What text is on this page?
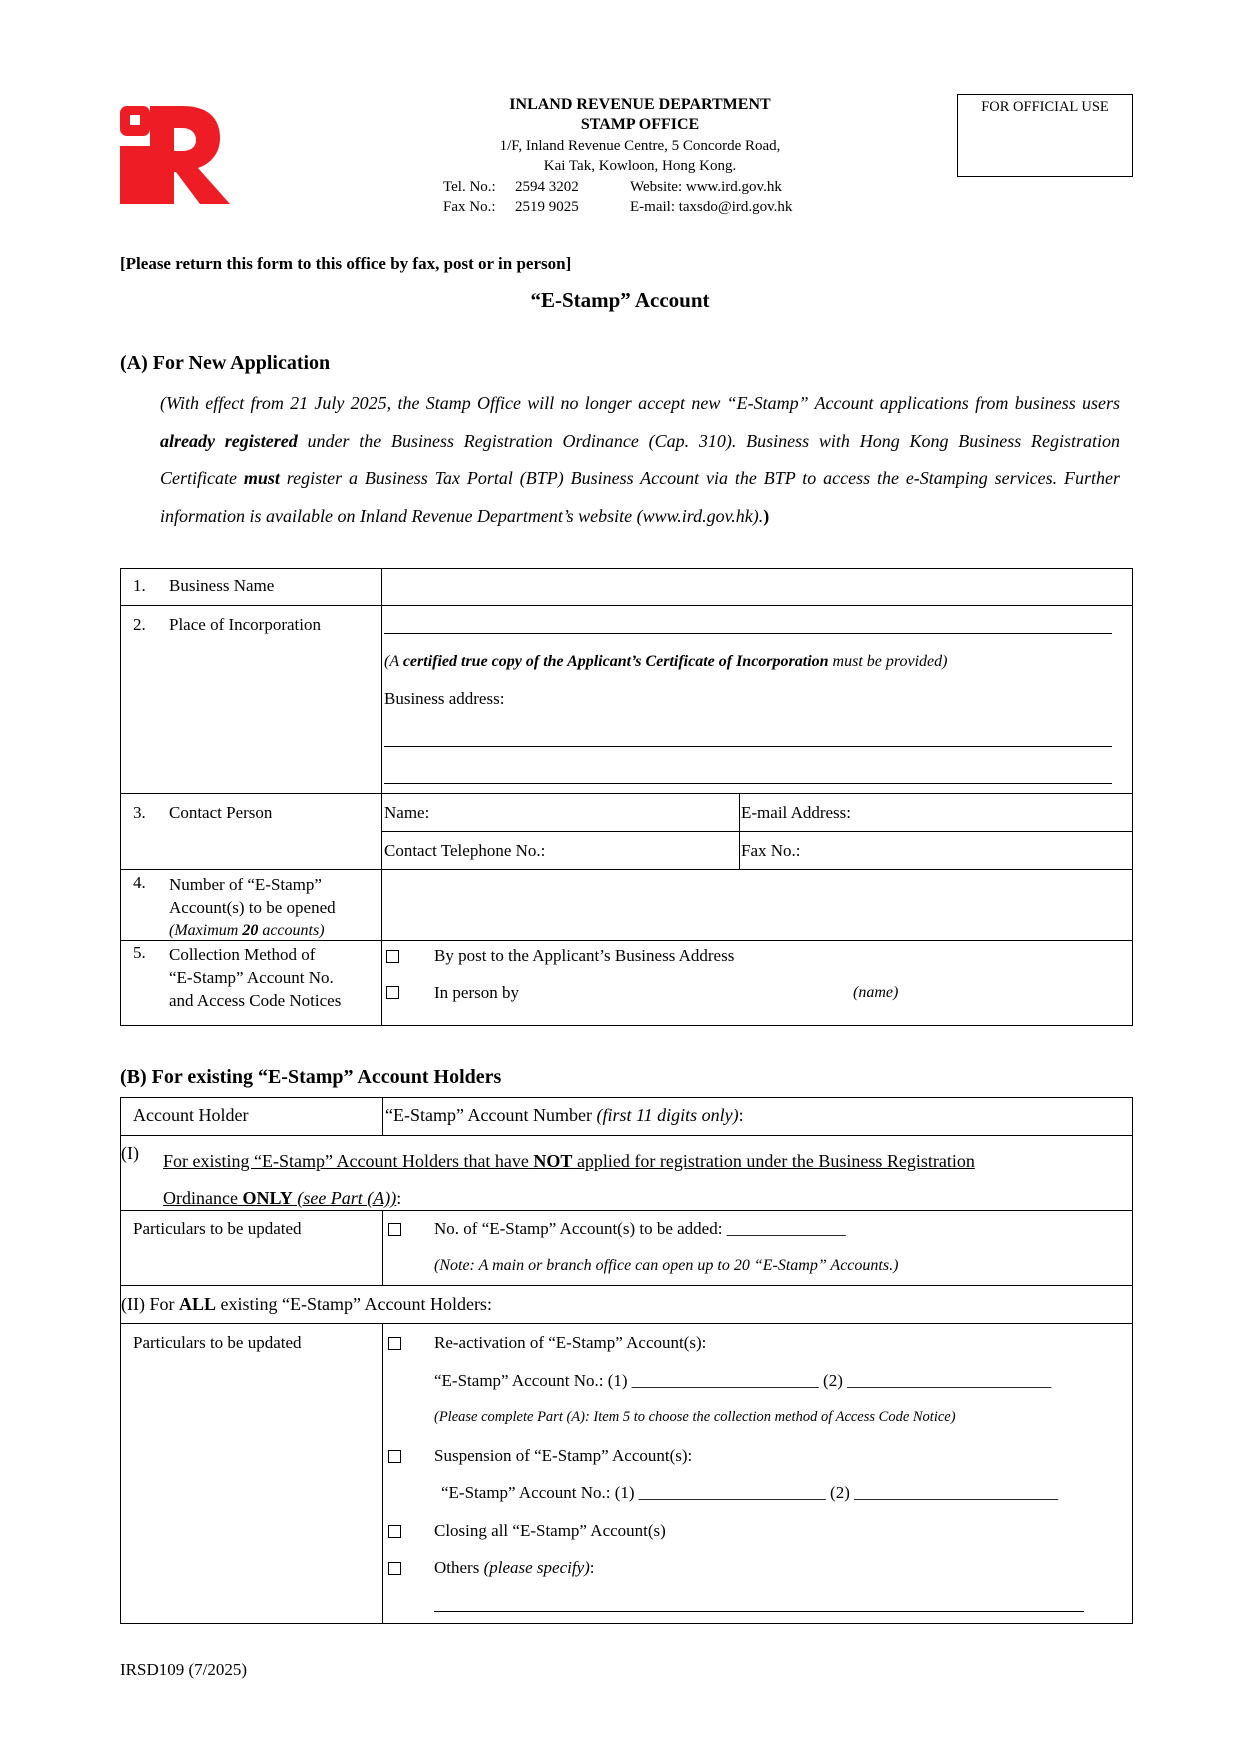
INLAND REVENUE DEPARTMENT
STAMP OFFICE
1/F, Inland Revenue Centre, 5 Concorde Road,
Kai Tak, Kowloon, Hong Kong.
Tel. No.: 2594 3202	Website: www.ird.gov.hk
Fax No.: 2519 9025	E-mail: taxsdo@ird.gov.hk
FOR OFFICIAL USE
[Please return this form to this office by fax, post or in person]
“E-Stamp” Account
(A) For New Application
(With effect from 21 July 2025, the Stamp Office will no longer accept new “E-Stamp” Account applications from business users already registered under the Business Registration Ordinance (Cap. 310). Business with Hong Kong Business Registration Certificate must register a Business Tax Portal (BTP) Business Account via the BTP to access the e-Stamping services. Further information is available on Inland Revenue Department’s website (www.ird.gov.hk).)
1. Business Name
2. Place of Incorporation
(A certified true copy of the Applicant’s Certificate of Incorporation must be provided)
Business address:
3. Contact Person	Name:	E-mail Address:
Contact Telephone No.:	Fax No.:
4. Number of “E-Stamp”
Account(s) to be opened
(Maximum 20 accounts)
5. Collection Method of
“E-Stamp” Account No.
and Access Code Notices
By post to the Applicant’s Business Address
In person by	(name)
(B) For existing “E-Stamp” Account Holders
Account Holder	“E-Stamp” Account Number (first 11 digits only):
(I) For existing “E-Stamp” Account Holders that have NOT applied for registration under the Business Registration
Ordinance ONLY (see Part (A)):
Particulars to be updated	No. of “E-Stamp” Account(s) to be added: ______________
(Note: A main or branch office can open up to 20 “E-Stamp” Accounts.)
(II) For ALL existing “E-Stamp” Account Holders:
Particulars to be updated	Re-activation of “E-Stamp” Account(s):
“E-Stamp” Account No.: (1) ______________________ (2) ________________________
(Please complete Part (A): Item 5 to choose the collection method of Access Code Notice)
Suspension of “E-Stamp” Account(s):
“E-Stamp” Account No.: (1) ______________________ (2) ________________________
Closing all “E-Stamp” Account(s)
Others (please specify):
IRSD109 (7/2025)
